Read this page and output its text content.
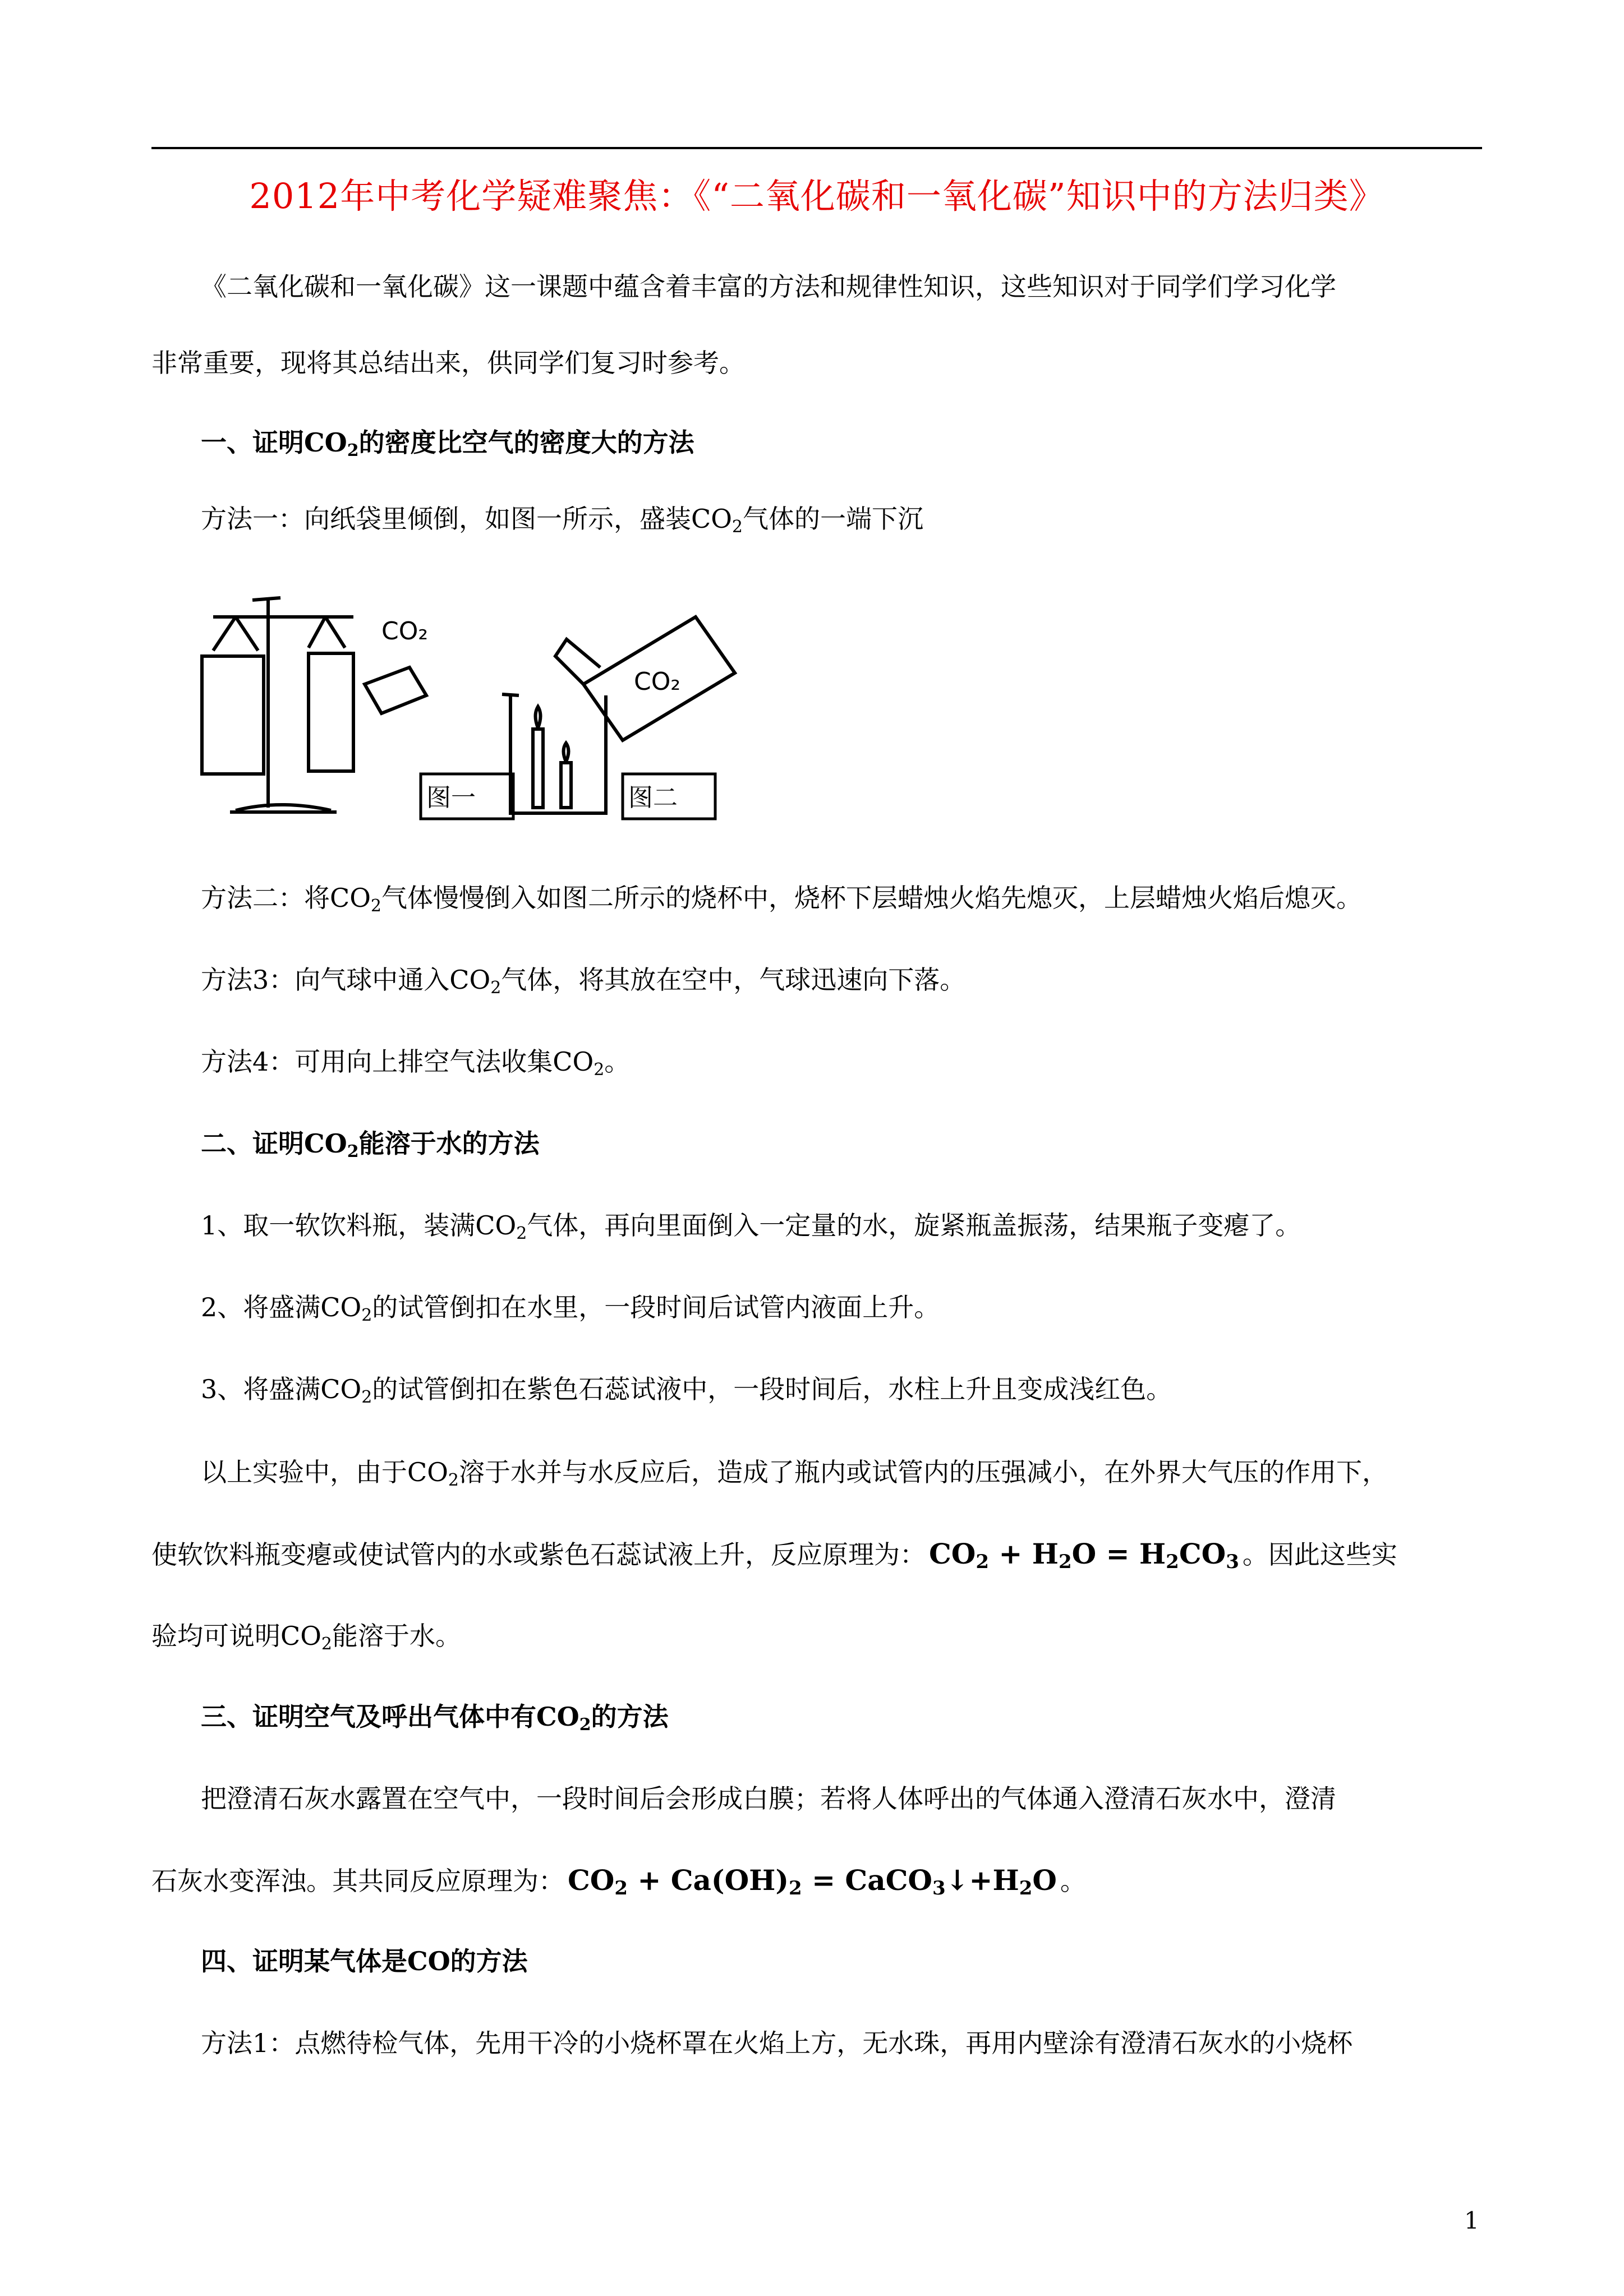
2012年中考化学疑难聚焦：《“二氧化碳和一氧化碳”知识中的方法归类》
《二氧化碳和一氧化碳》这一课题中蕴含着丰富的方法和规律性知识，这些知识对于同学们学习化学
非常重要，现将其总结出来，供同学们复习时参考。
一、证明$CO_2$的密度比空气的密度大的方法
方法一：向纸袋里倾倒，如图一所示，盛装$CO_2$气体的一端下沉
CO₂
图一
CO₂
图二
方法二：将$CO_2$气体慢慢倒入如图二所示的烧杯中，烧杯下层蜡烛火焰先熄灭，上层蜡烛火焰后熄灭。
方法3：向气球中通入$CO_2$气体，将其放在空中，气球迅速向下落。
方法4：可用向上排空气法收集$CO_2$。
二、证明$CO_2$能溶于水的方法
1、取一软饮料瓶，装满$CO_2$气体，再向里面倒入一定量的水，旋紧瓶盖振荡，结果瓶子变瘪了。
2、将盛满$CO_2$的试管倒扣在水里，一段时间后试管内液面上升。
3、将盛满$CO_2$的试管倒扣在紫色石蕊试液中，一段时间后，水柱上升且变成浅红色。
以上实验中，由于$CO_2$溶于水并与水反应后，造成了瓶内或试管内的压强减小，在外界大气压的作用下，
使软饮料瓶变瘪或使试管内的水或紫色石蕊试液上升，反应原理为： $CO_2 + H_2O = H_2CO_3$ 。因此这些实
验均可说明$CO_2$能溶于水。
三、证明空气及呼出气体中有$CO_2$的方法
把澄清石灰水露置在空气中，一段时间后会形成白膜；若将人体呼出的气体通入澄清石灰水中，澄清
石灰水变浑浊。其共同反应原理为： $CO_2 + Ca(OH)_2$ = $CaCO_3↓+H_2O$ 。
四、证明某气体是CO的方法
方法1：点燃待检气体，先用干冷的小烧杯罩在火焰上方，无水珠，再用内壁涂有澄清石灰水的小烧杯
1
